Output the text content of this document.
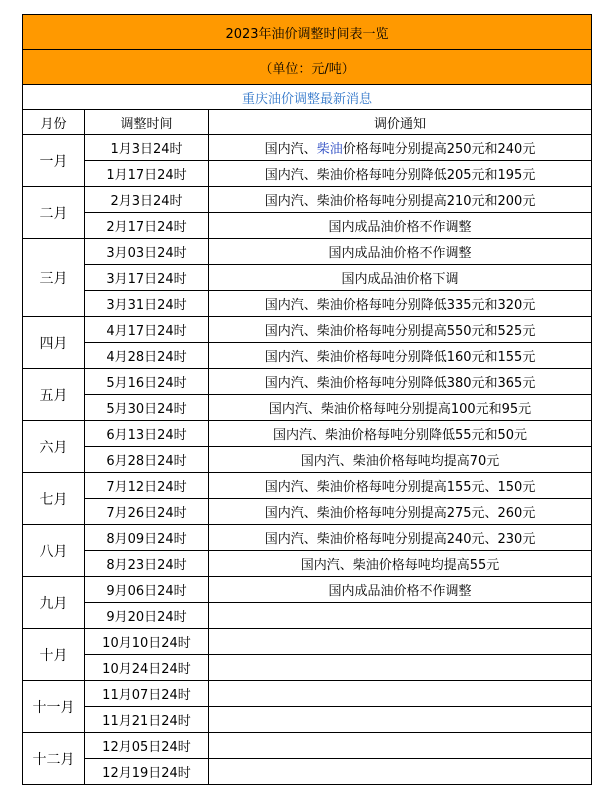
2023年油价调整时间表一览		
（单位：元/吨）		
重庆油价调整最新消息		
月份	调整时间	调价通知
一月	1月3日24时	国内汽、柴油价格每吨分别提高250元和240元
	1月17日24时	国内汽、柴油价格每吨分别降低205元和195元
二月	2月3日24时	国内汽、柴油价格每吨分别提高210元和200元
	2月17日24时	国内成品油价格不作调整
三月	3月03日24时	国内成品油价格不作调整
	3月17日24时	国内成品油价格下调
	3月31日24时	国内汽、柴油价格每吨分别降低335元和320元
四月	4月17日24时	国内汽、柴油价格每吨分别提高550元和525元
	4月28日24时	国内汽、柴油价格每吨分别降低160元和155元
五月	5月16日24时	国内汽、柴油价格每吨分别降低380元和365元
	5月30日24时	国内汽、柴油价格每吨分别提高100元和95元
六月	6月13日24时	国内汽、柴油价格每吨分别降低55元和50元
	6月28日24时	国内汽、柴油价格每吨均提高70元
七月	7月12日24时	国内汽、柴油价格每吨分别提高155元、150元
	7月26日24时	国内汽、柴油价格每吨分别提高275元、260元
八月	8月09日24时	国内汽、柴油价格每吨分别提高240元、230元
	8月23日24时	国内汽、柴油价格每吨均提高55元
九月	9月06日24时	国内成品油价格不作调整
	9月20日24时	
十月	10月10日24时	
	10月24日24时	
十一月	11月07日24时	
	11月21日24时	
十二月	12月05日24时	
	12月19日24时	
